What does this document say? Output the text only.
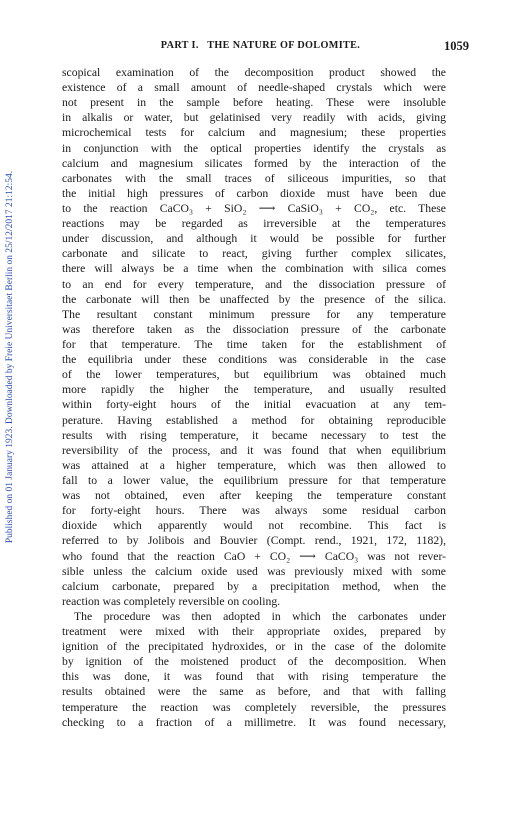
Published on 01 January 1923. Downloaded by Freie Universitaet Berlin on 25/12/2017 21:12:54.
PART I.   THE NATURE OF DOLOMITE.	1059
scopical examination of the decomposition product showed the
existence of a small amount of needle-shaped crystals which were
not present in the sample before heating. These were insoluble
in alkalis or water, but gelatinised very readily with acids, giving
microchemical tests for calcium and magnesium; these properties
in conjunction with the optical properties identify the crystals as
calcium and magnesium silicates formed by the interaction of the
carbonates with the small traces of siliceous impurities, so that
the initial high pressures of carbon dioxide must have been due
to the reaction CaCO₃ + SiO₂ ⟶ CaSiO₃ + CO₂, etc. These
reactions may be regarded as irreversible at the temperatures
under discussion, and although it would be possible for further
carbonate and silicate to react, giving further complex silicates,
there will always be a time when the combination with silica comes
to an end for every temperature, and the dissociation pressure of
the carbonate will then be unaffected by the presence of the silica.
The resultant constant minimum pressure for any temperature
was therefore taken as the dissociation pressure of the carbonate
for that temperature. The time taken for the establishment of
the equilibria under these conditions was considerable in the case
of the lower temperatures, but equilibrium was obtained much
more rapidly the higher the temperature, and usually resulted
within forty-eight hours of the initial evacuation at any tem-
perature. Having established a method for obtaining reproducible
results with rising temperature, it became necessary to test the
reversibility of the process, and it was found that when equilibrium
was attained at a higher temperature, which was then allowed to
fall to a lower value, the equilibrium pressure for that temperature
was not obtained, even after keeping the temperature constant
for forty-eight hours. There was always some residual carbon
dioxide which apparently would not recombine. This fact is
referred to by Jolibois and Bouvier (Compt. rend., 1921, 172, 1182),
who found that the reaction CaO + CO₂ ⟶ CaCO₃ was not rever-
sible unless the calcium oxide used was previously mixed with some
calcium carbonate, prepared by a precipitation method, when the
reaction was completely reversible on cooling.
The procedure was then adopted in which the carbonates under
treatment were mixed with their appropriate oxides, prepared by
ignition of the precipitated hydroxides, or in the case of the dolomite
by ignition of the moistened product of the decomposition. When
this was done, it was found that with rising temperature the
results obtained were the same as before, and that with falling
temperature the reaction was completely reversible, the pressures
checking to a fraction of a millimetre. It was found necessary,
